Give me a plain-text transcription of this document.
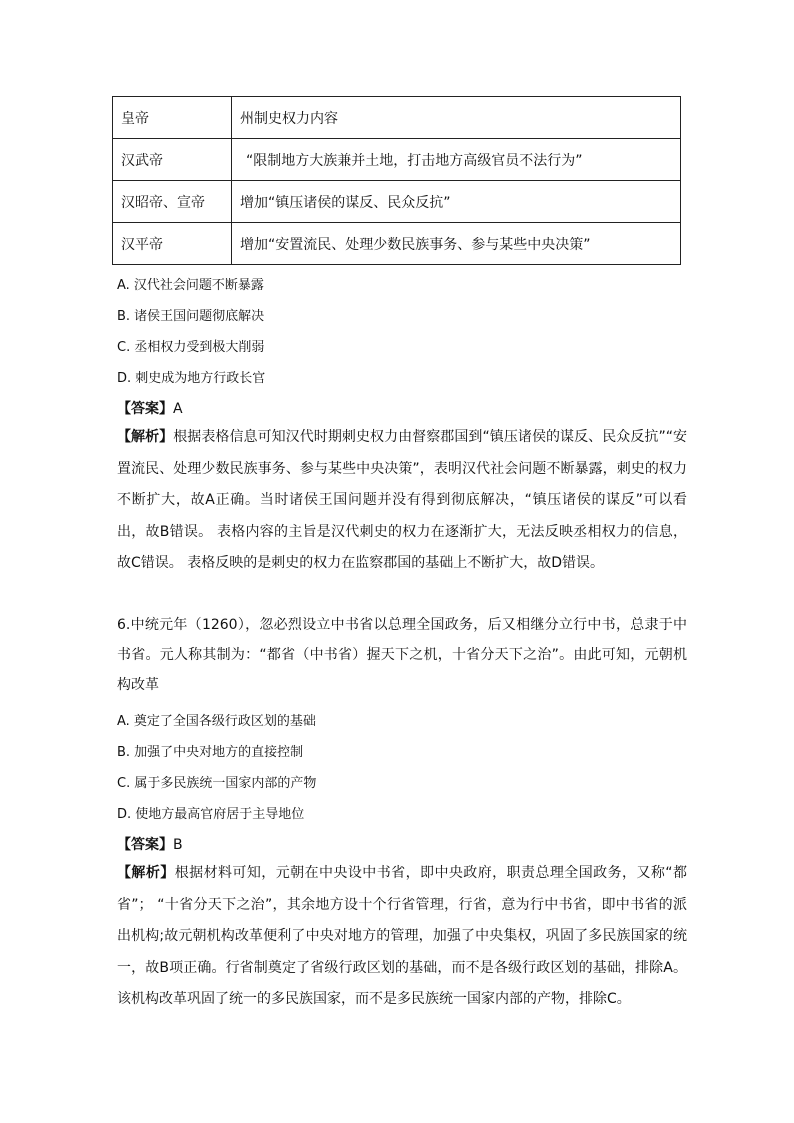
皇帝	州制史权力内容
汉武帝	“限制地方大族兼并土地，打击地方高级官员不法行为”
汉昭帝、宣帝	增加“镇压诸侯的谋反、民众反抗”
汉平帝	增加“安置流民、处理少数民族事务、参与某些中央决策”
A. 汉代社会问题不断暴露
B. 诸侯王国问题彻底解决
C. 丞相权力受到极大削弱
D. 刺史成为地方行政长官
【答案】A
【解析】根据表格信息可知汉代时期刺史权力由督察郡国到“镇压诸侯的谋反、民众反抗”“安置流民、处理少数民族事务、参与某些中央决策”，表明汉代社会问题不断暴露，刺史的权力不断扩大，故A正确。当时诸侯王国问题并没有得到彻底解决，“镇压诸侯的谋反”可以看出，故B错误。 表格内容的主旨是汉代刺史的权力在逐渐扩大，无法反映丞相权力的信息，故C错误。 表格反映的是刺史的权力在监察郡国的基础上不断扩大，故D错误。
6.中统元年（1260），忽必烈设立中书省以总理全国政务，后又相继分立行中书，总隶于中书省。元人称其制为：“都省（中书省）握天下之机，十省分天下之治”。由此可知，元朝机构改革
A. 奠定了全国各级行政区划的基础
B. 加强了中央对地方的直接控制
C. 属于多民族统一国家内部的产物
D. 使地方最高官府居于主导地位
【答案】B
【解析】根据材料可知，元朝在中央设中书省，即中央政府，职责总理全国政务，又称“都省”； “十省分天下之治”，其余地方设十个行省管理，行省，意为行中书省，即中书省的派出机构;故元朝机构改革便利了中央对地方的管理，加强了中央集权，巩固了多民族国家的统一，故B项正确。行省制奠定了省级行政区划的基础，而不是各级行政区划的基础，排除A。该机构改革巩固了统一的多民族国家，而不是多民族统一国家内部的产物，排除C。
